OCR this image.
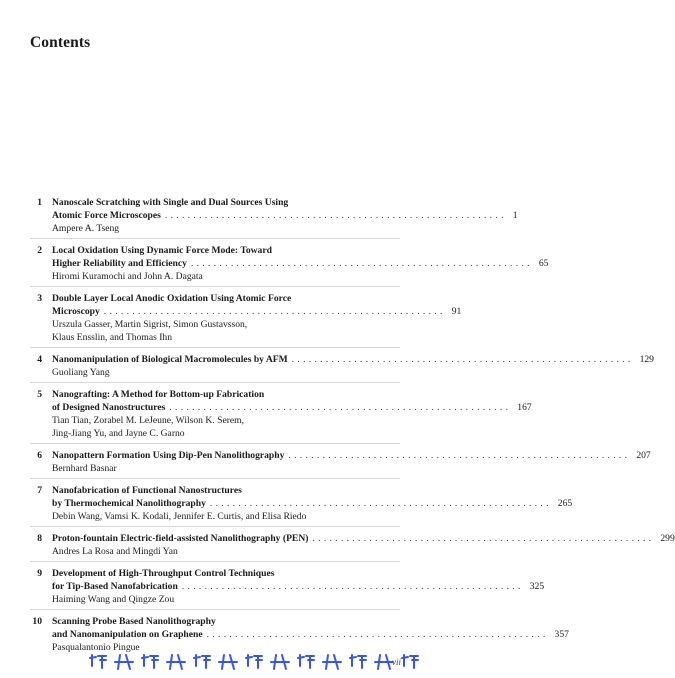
Contents
1 Nanoscale Scratching with Single and Dual Sources Using
Atomic Force Microscopes ............................................................ 1
Ampere A. Tseng
2 Local Oxidation Using Dynamic Force Mode: Toward
Higher Reliability and Efficiency ............................................................ 65
Hiromi Kuramochi and John A. Dagata
3 Double Layer Local Anodic Oxidation Using Atomic Force
Microscopy ............................................................ 91
Urszula Gasser, Martin Sigrist, Simon Gustavsson,
Klaus Ensslin, and Thomas Ihn
4 Nanomanipulation of Biological Macromolecules by AFM ............................................................ 129
Guoliang Yang
5 Nanografting: A Method for Bottom-up Fabrication
of Designed Nanostructures ............................................................ 167
Tian Tian, Zorabel M. LeJeune, Wilson K. Serem,
Jing-Jiang Yu, and Jayne C. Garno
6 Nanopattern Formation Using Dip-Pen Nanolithography ............................................................ 207
Bernhard Basnar
7 Nanofabrication of Functional Nanostructures
by Thermochemical Nanolithography ............................................................ 265
Debin Wang, Vamsi K. Kodali, Jennifer E. Curtis, and Elisa Riedo
8 Proton-fountain Electric-field-assisted Nanolithography (PEN) ............................................................ 299
Andres La Rosa and Mingdi Yan
9 Development of High-Throughput Control Techniques
for Tip-Based Nanofabrication ............................................................ 325
Haiming Wang and Qingze Zou
10 Scanning Probe Based Nanolithography
and Nanomanipulation on Graphene ............................................................ 357
Pasqualantonio Pingue
vii
